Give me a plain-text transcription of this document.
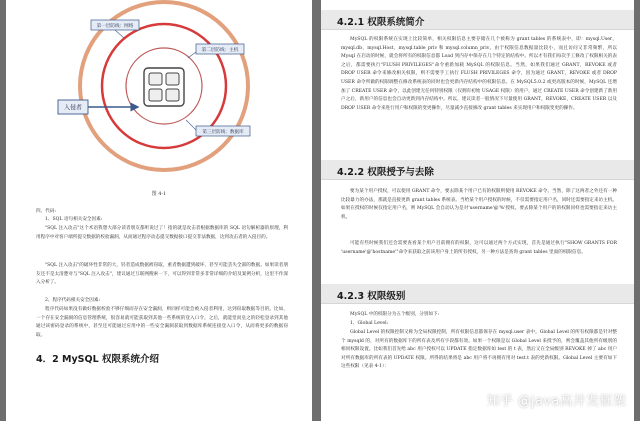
入侵者
第一层防线：网络
第二层防线：主机
第三层防线：数据库
图 4-1
四、代码:
1、SQL 语句相关安全因素:
"SQL 注入攻击"这个术语我想大部分读者朋友都听说过了！指的就是攻击者根据数据库的 SQL 语句解析器的原理，利用程序中对客户端所提交数据的校验漏洞，从而通过程序动态提交数据接口提交非法数据，达到攻击者的入侵目的。
"SQL 注入攻击"的破坏性非常的大，轻者造成数据被窃取，重者数据遭到破坏，甚至可能丢失全部的数据。如果读者朋友还不是太清楚对与"SQL 注入攻击"，建议通过互联网搜索一下，可以得到非常多非常详细的介绍及案例分析，这里不作深入分析了。
2、程序代码相关安全因素:
程序代码如果没有做好数据校验不够仔细而存在安全漏洞，则同样可能会被入侵者利用，达到窃取数据等目的。比如，一个存在安全漏洞的信息管理系统，很容易就可能获取到其他一些系统的登入口令。之后，就能堂而皇之的轻松登录到其他通过该密码登录的系统中，甚至还可能通过应用中的一些安全漏洞获取到数据库系统连接登入口令，从而将更多的数据窃取。
4．2 MySQL 权限系统介绍
4.2.1 权限系统简介
MySQL 的权限系统在实现上比较简单，相关权限信息主要存储在几个被称为 grant tables 的系统表中，即：mysql.User，mysql.db，mysql.Host，mysql.table_priv 和 mysql.column_priv。由于权限信息数据量比较小，而且访问又非常频繁，所以 Mysql 在启动的时候，就会将所有的权限信息都 Load 到内存中保存在几个特定的结构中。所以才有我们每次手工修改了权限相关的表之后，都需要执行"FLUSH PRIVILEGES"命令重新加载 MySQL 的权限信息。当然，如果我们通过 GRANT，REVOKE 或者 DROP USER 命令来修改相关权限，则不需要手工执行 FLUSH PRIVILEGES 命令，因为通过 GRANT，REVOKE 或者 DROP USER 命令所做的权限调整在修改系统表的同时也会更新内存结构中的权限信息。在 MySQL5.0.2 或更高版本的时候，MySQL 还增加了 CREATE USER 命令，以此创建无任何特别权限（仅拥有初始 USAGE 权限）的用户，通过 CREATE USER 命令创建新了新用户之后，新用户的信息也会自动更新到内存结构中。所以，建议读者一般情况下尽量使用 GRANT，REVOKE，CREATE USER 以及 DROP USER 命令来进行用户和权限的变更操作，尽量减少直接修改 grant tables 来实现用户和权限变更的操作。
4.2.2 权限授予与去除
要为某个用户授权，可以使用 GRANT 命令，要去除某个用户已有的权限则使用 REVOKE 命令。当然，除了这两者之外还有一种比较暴力的办法，那就是直接更新 grant tables 系统表。当给某个用户授权的时候，不仅需要指定用户名，同时还需要指定来访主机。如果在授权的时候仅指定用户名，则 MySQL 会自动认为是对'username'@'%'授权。要去除某个用户的的权限同样也需要指定来访主机。
可能有些时候我们还会需要查看某个用户目前拥有的权限，这可以通过两个方式实现，首先是通过执行"SHOW GRANTS FOR 'username'@'hostname'"命令来获取之前该用户身上的所有授权，另一种方法是查询 grant tables 里面的权限信息。
4.2.3 权限级别
MySQL 中的权限分为五个级别，分别如下:
1、Global Level:
Global Level 的权限控制又称为全局权限控制，所有权限信息都保存在 mysql.user 表中。Global Level 的所有权限都是针对整个 mysqld 的，对所有的数据库下的所有表及所有字段都有效。如果一个权限是以 Global Level 来授予的，则会覆盖其他所有级别的相同权限设置。比如我们首先给 abc 用户授权可以 UPDATE 指定数据库如 test 的 t 表，然后又在全局级别 REVOKE 掉了 abc 用户对所有数据库的所有表的 UPDATE 权限。所得的结果将是 abc 用户将不再拥有用对 test.t 表的更新权限。Global Level 主要有如下这些权限（见表 4-1）：
知乎 @java高并发框架
